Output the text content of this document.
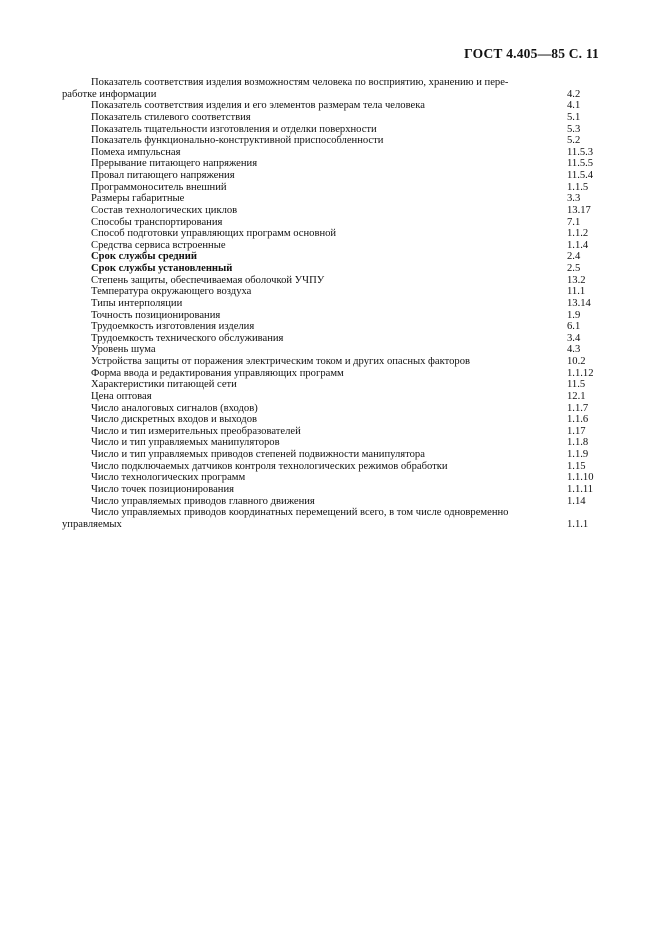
ГОСТ 4.405—85 С. 11
Показатель соответствия изделия возможностям человека по восприятию, хранению и пере-работке информации	4.2
Показатель соответствия изделия и его элементов размерам тела человека	4.1
Показатель стилевого соответствия	5.1
Показатель тщательности изготовления и отделки поверхности	5.3
Показатель функционально-конструктивной приспособленности	5.2
Помеха импульсная	11.5.3
Прерывание питающего напряжения	11.5.5
Провал питающего напряжения	11.5.4
Программоноситель внешний	1.1.5
Размеры габаритные	3.3
Состав технологических циклов	13.17
Способы транспортирования	7.1
Способ подготовки управляющих программ основной	1.1.2
Средства сервиса встроенные	1.1.4
Срок службы средний	2.4
Срок службы установленный	2.5
Степень защиты, обеспечиваемая оболочкой УЧПУ	13.2
Температура окружающего воздуха	11.1
Типы интерполяции	13.14
Точность позиционирования	1.9
Трудоемкость изготовления изделия	6.1
Трудоемкость технического обслуживания	3.4
Уровень шума	4.3
Устройства защиты от поражения электрическим током и других опасных факторов	10.2
Форма ввода и редактирования управляющих программ	1.1.12
Характеристики питающей сети	11.5
Цена оптовая	12.1
Число аналоговых сигналов (входов)	1.1.7
Число дискретных входов и выходов	1.1.6
Число и тип измерительных преобразователей	1.17
Число и тип управляемых манипуляторов	1.1.8
Число и тип управляемых приводов степеней подвижности манипулятора	1.1.9
Число подключаемых датчиков контроля технологических режимов обработки	1.15
Число технологических программ	1.1.10
Число точек позиционирования	1.1.11
Число управляемых приводов главного движения	1.14
Число управляемых приводов координатных перемещений всего, в том числе одновременно управляемых	1.1.1
